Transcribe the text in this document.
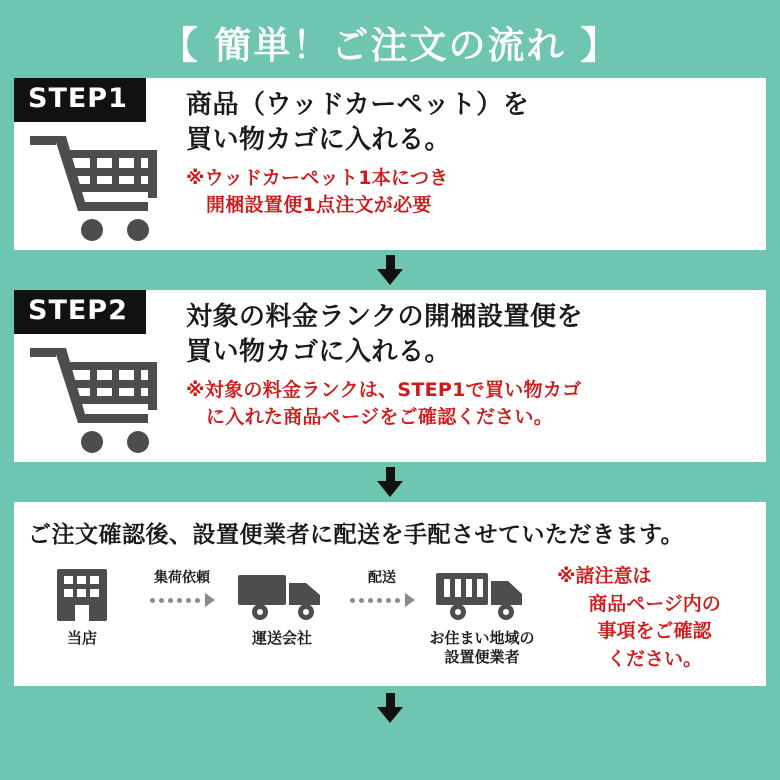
【 簡単！ご注文の流れ 】
STEP1	商品（ウッドカーペット）を
買い物カゴに入れる。
※ウッドカーペット1本につき
開梱設置便1点注文が必要
STEP2	対象の料金ランクの開梱設置便を
買い物カゴに入れる。
※対象の料金ランクは、STEP1で買い物カゴ
に入れた商品ページをご確認ください。
ご注文確認後、設置便業者に配送を手配させていただきます。
当店
集荷依頼
運送会社
配送
お住まい地域の
設置便業者
※諸注意は
商品ページ内の
事項をご確認
ください。
